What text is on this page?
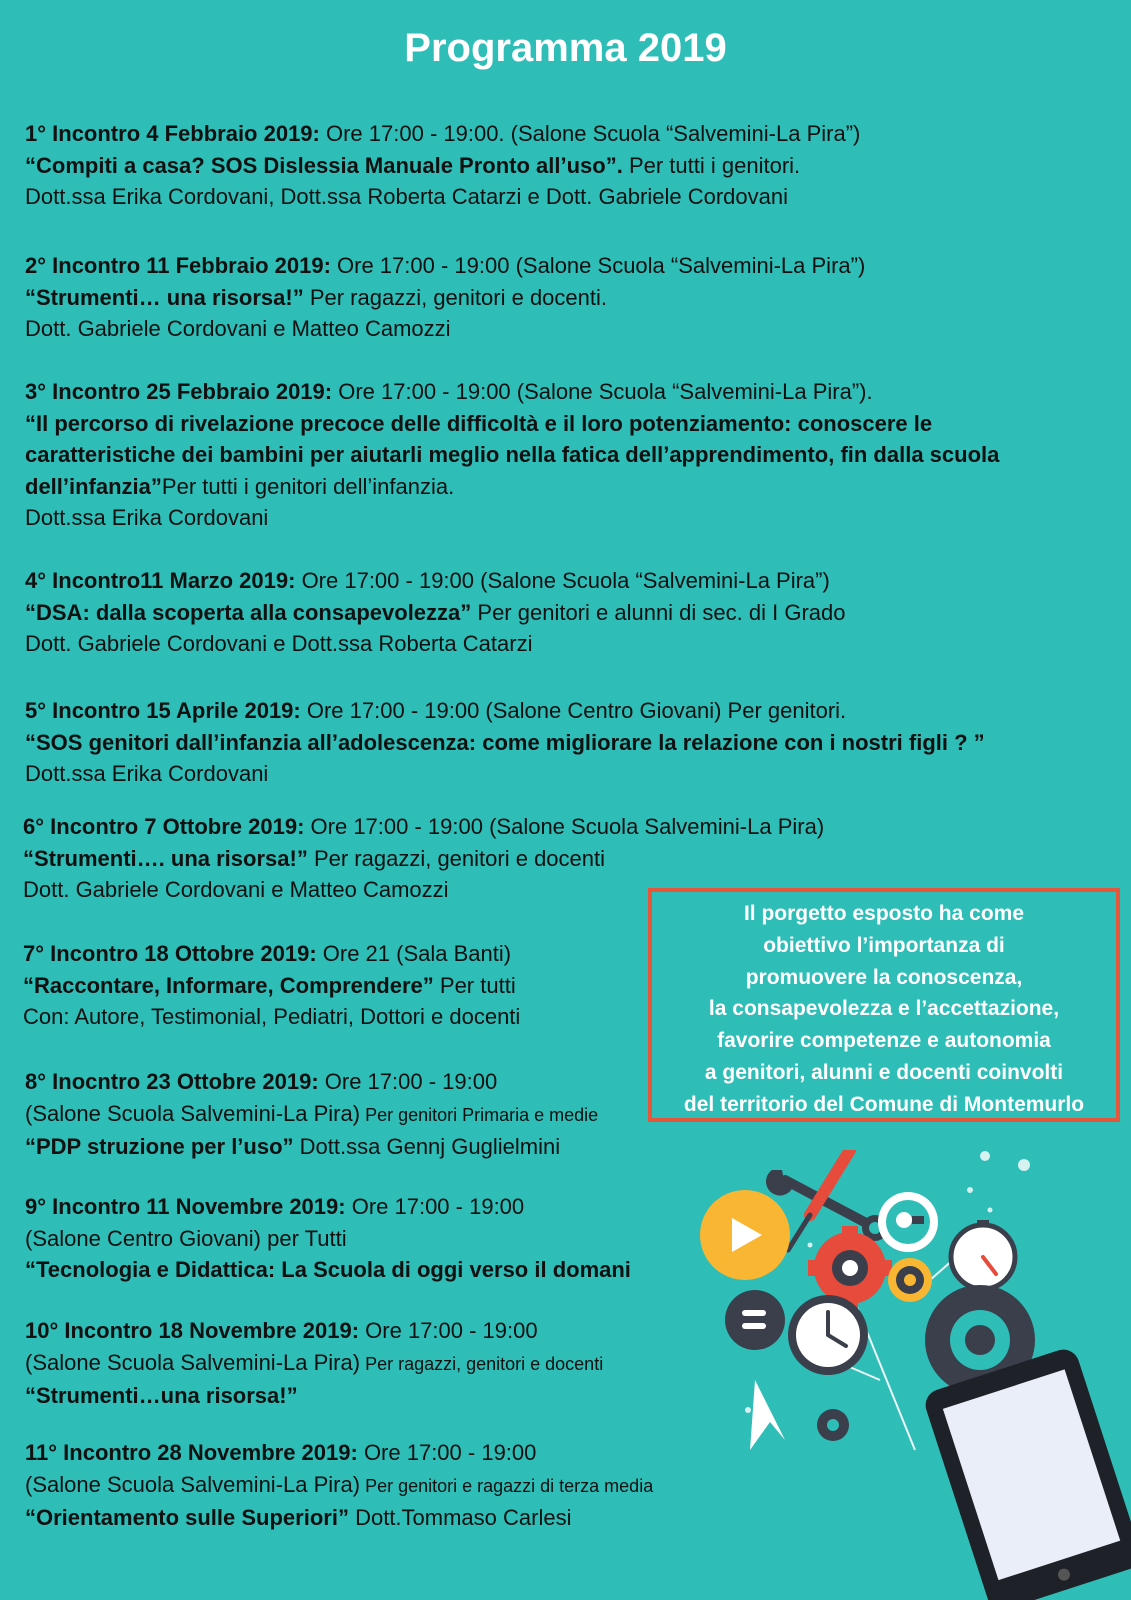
Programma 2019
1° Incontro 4 Febbraio 2019: Ore 17:00 - 19:00. (Salone Scuola “Salvemini-La Pira”)
“Compiti a casa? SOS Dislessia Manuale Pronto all’uso”. Per tutti i genitori.
Dott.ssa Erika Cordovani, Dott.ssa Roberta Catarzi e Dott. Gabriele Cordovani
2° Incontro 11 Febbraio 2019: Ore 17:00 - 19:00 (Salone Scuola “Salvemini-La Pira”)
“Strumenti… una risorsa!” Per ragazzi, genitori e docenti.
Dott. Gabriele Cordovani e Matteo Camozzi
3° Incontro 25 Febbraio 2019: Ore 17:00 - 19:00 (Salone Scuola “Salvemini-La Pira”).
“Il percorso di rivelazione precoce delle difficoltà e il loro potenziamento: conoscere le
caratteristiche dei bambini per aiutarli meglio nella fatica dell’apprendimento, fin dalla scuola
dell’infanzia”Per tutti i genitori dell’infanzia.
Dott.ssa Erika Cordovani
4° Incontro11 Marzo 2019: Ore 17:00 - 19:00 (Salone Scuola “Salvemini-La Pira”)
“DSA: dalla scoperta alla consapevolezza” Per genitori e alunni di sec. di I Grado
Dott. Gabriele Cordovani e Dott.ssa Roberta Catarzi
5° Incontro 15 Aprile 2019: Ore 17:00 - 19:00 (Salone Centro Giovani) Per genitori.
“SOS genitori dall’infanzia all’adolescenza: come migliorare la relazione con i nostri figli ? ”
Dott.ssa Erika Cordovani
6° Incontro 7 Ottobre 2019: Ore 17:00 - 19:00 (Salone Scuola Salvemini-La Pira)
“Strumenti…. una risorsa!” Per ragazzi, genitori e docenti
Dott. Gabriele Cordovani e Matteo Camozzi
7° Incontro 18 Ottobre 2019: Ore 21 (Sala Banti)
“Raccontare, Informare, Comprendere” Per tutti
Con: Autore, Testimonial, Pediatri, Dottori e docenti
8° Inocntro 23 Ottobre 2019: Ore 17:00 - 19:00
(Salone Scuola Salvemini-La Pira) Per genitori Primaria e medie
“PDP struzione per l’uso” Dott.ssa Gennj Guglielmini
9° Incontro 11 Novembre 2019: Ore 17:00 - 19:00
(Salone Centro Giovani) per Tutti
“Tecnologia e Didattica: La Scuola di oggi verso il domani
10° Incontro 18 Novembre 2019: Ore 17:00 - 19:00
(Salone Scuola Salvemini-La Pira) Per ragazzi, genitori e docenti
“Strumenti…una risorsa!”
11° Incontro 28 Novembre 2019: Ore 17:00 - 19:00
(Salone Scuola Salvemini-La Pira) Per genitori e ragazzi di terza media
“Orientamento sulle Superiori” Dott.Tommaso Carlesi
Il porgetto esposto ha come
obiettivo l’importanza di
promuovere la conoscenza,
la consapevolezza e l’accettazione,
favorire competenze e autonomia
a genitori, alunni e docenti coinvolti
del territorio del Comune di Montemurlo
